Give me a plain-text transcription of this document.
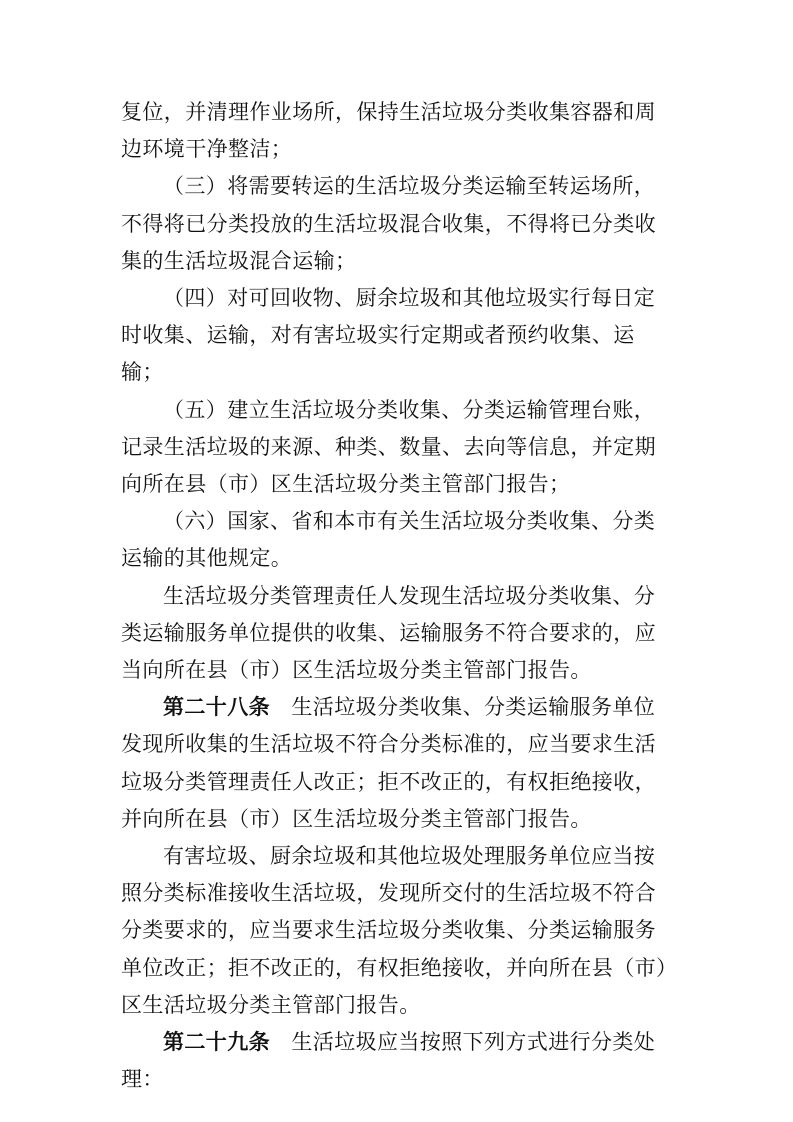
复位，并清理作业场所，保持生活垃圾分类收集容器和周边环境干净整洁；

（三）将需要转运的生活垃圾分类运输至转运场所，不得将已分类投放的生活垃圾混合收集，不得将已分类收集的生活垃圾混合运输；

（四）对可回收物、厨余垃圾和其他垃圾实行每日定时收集、运输，对有害垃圾实行定期或者预约收集、运输；

（五）建立生活垃圾分类收集、分类运输管理台账，记录生活垃圾的来源、种类、数量、去向等信息，并定期向所在县（市）区生活垃圾分类主管部门报告；

（六）国家、省和本市有关生活垃圾分类收集、分类运输的其他规定。

生活垃圾分类管理责任人发现生活垃圾分类收集、分类运输服务单位提供的收集、运输服务不符合要求的，应当向所在县（市）区生活垃圾分类主管部门报告。

第二十八条　生活垃圾分类收集、分类运输服务单位发现所收集的生活垃圾不符合分类标准的，应当要求生活垃圾分类管理责任人改正；拒不改正的，有权拒绝接收，并向所在县（市）区生活垃圾分类主管部门报告。

有害垃圾、厨余垃圾和其他垃圾处理服务单位应当按照分类标准接收生活垃圾，发现所交付的生活垃圾不符合分类要求的，应当要求生活垃圾分类收集、分类运输服务单位改正；拒不改正的，有权拒绝接收，并向所在县（市）区生活垃圾分类主管部门报告。

第二十九条　生活垃圾应当按照下列方式进行分类处理：
